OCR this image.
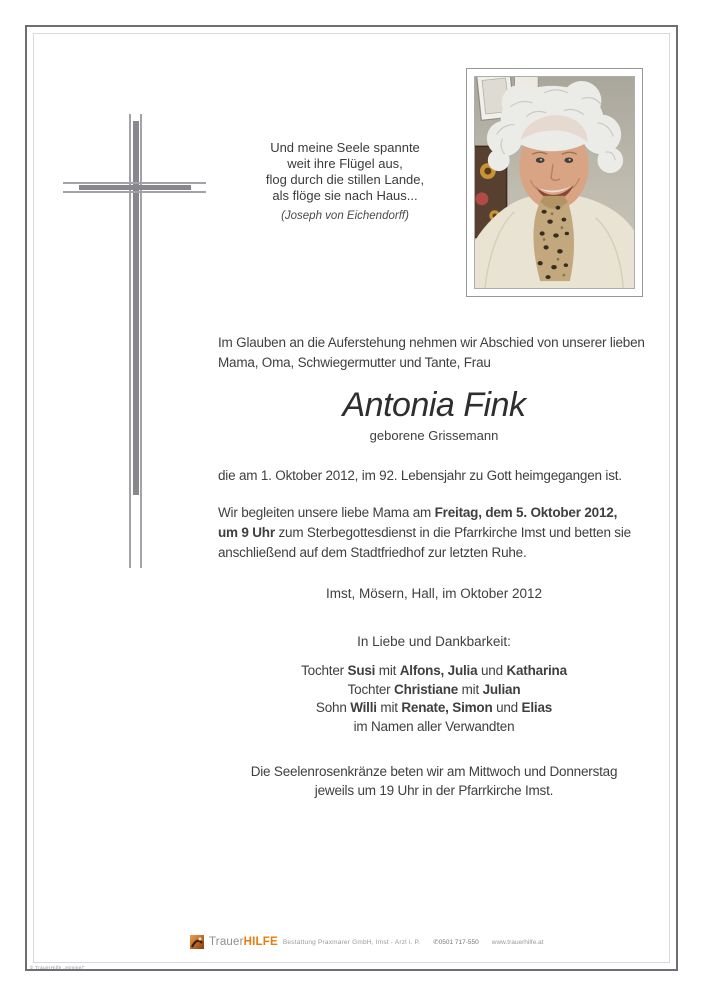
Und meine Seele spannte
weit ihre Flügel aus,
flog durch die stillen Lande,
als flöge sie nach Haus...
(Joseph von Eichendorff)
Im Glauben an die Auferstehung nehmen wir Abschied von unserer lieben
Mama, Oma, Schwiegermutter und Tante, Frau
Antonia Fink
geborene Grissemann
die am 1. Oktober 2012, im 92. Lebensjahr zu Gott heimgegangen ist.
Wir begleiten unsere liebe Mama am Freitag, dem 5. Oktober 2012,
um 9 Uhr zum Sterbegottesdienst in die Pfarrkirche Imst und betten sie
anschließend auf dem Stadtfriedhof zur letzten Ruhe.
Imst, Mösern, Hall, im Oktober 2012
In Liebe und Dankbarkeit:
Tochter Susi mit Alfons, Julia und Katharina
Tochter Christiane mit Julian
Sohn Willi mit Renate, Simon und Elias
im Namen aller Verwandten
Die Seelenrosenkränze beten wir am Mittwoch und Donnerstag
jeweils um 19 Uhr in der Pfarrkirche Imst.
TrauerHILFE Bestattung Praxmarer GmbH, Imst - Arzl i. P. ✆0501 717-550 www.trauerhilfe.at
© TrauerHilfe „Himmel“
